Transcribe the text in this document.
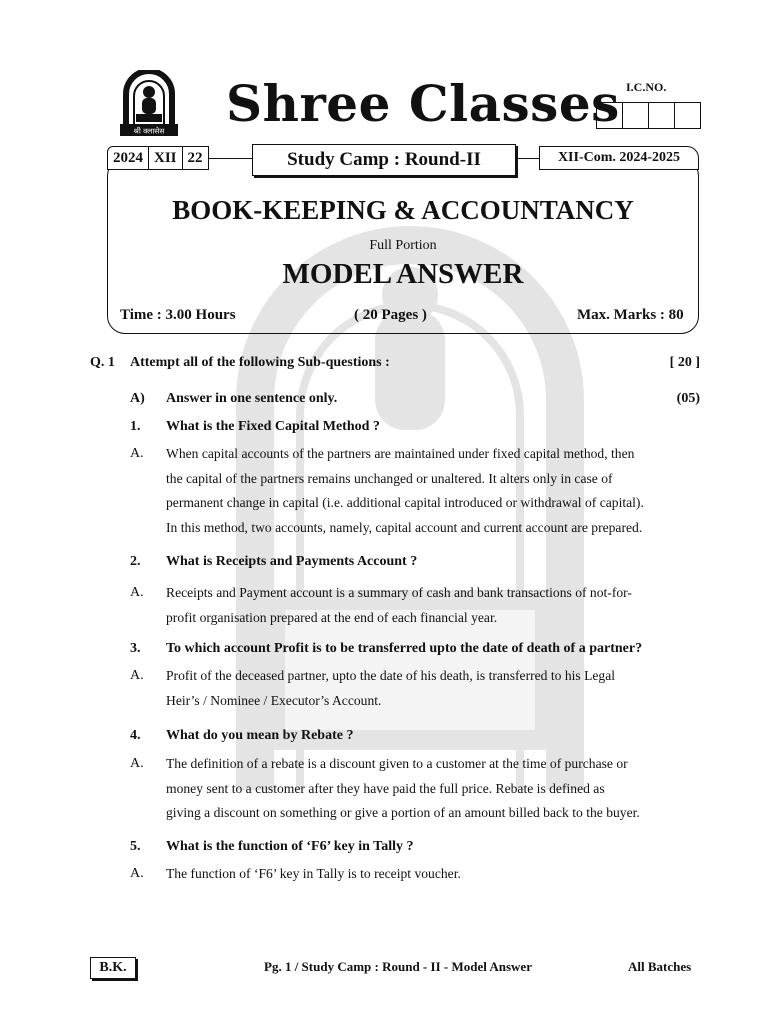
श्री क्लासेस Shree Classes I.C.NO.
2024 XII 22	Study Camp : Round-II	XII-Com. 2024-2025
BOOK-KEEPING & ACCOUNTANCY
Full Portion
MODEL ANSWER
Time : 3.00 Hours	( 20 Pages )	Max. Marks : 80
Q. 1 Attempt all of the following Sub-questions :	[ 20 ]
A) Answer in one sentence only.	(05)
1. What is the Fixed Capital Method ?
A. When capital accounts of the partners are maintained under fixed capital method, then

the capital of the partners remains unchanged or unaltered. It alters only in case of

permanent change in capital (i.e. additional capital introduced or withdrawal of capital).

In this method, two accounts, namely, capital account and current account are prepared.

2. What is Receipts and Payments Account ?
A. Receipts and Payment account is a summary of cash and bank transactions of not-for-

profit organisation prepared at the end of each financial year.

3. To which account Profit is to be transferred upto the date of death of a partner?
A. Profit of the deceased partner, upto the date of his death, is transferred to his Legal

Heir’s / Nominee / Executor’s Account.

4. What do you mean by Rebate ?
A. The definition of a rebate is a discount given to a customer at the time of purchase or

money sent to a customer after they have paid the full price. Rebate is defined as

giving a discount on something or give a portion of an amount billed back to the buyer.

5. What is the function of ‘F6’ key in Tally ?
A. The function of ‘F6’ key in Tally is to receipt voucher.

B.K.	Pg. 1 / Study Camp : Round - II - Model Answer	All Batches
